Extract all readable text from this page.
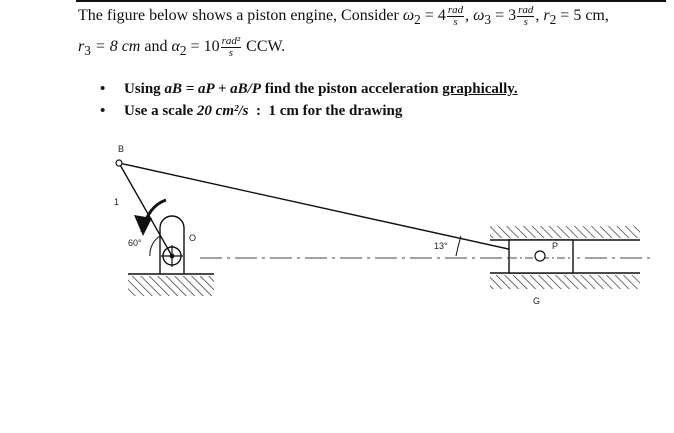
The figure below shows a piston engine, Consider $\omega_2 = 4 \frac{\text{rad}}{s}$ , $\omega_3 = 3 \frac{\text{rad}}{s}$ , $r_2 = 5$ cm,
$r_3 = 8$ cm and $\alpha_2 = 10 \frac{\text{rad²}}{s}$ CCW.
•	Using
aB = aP + aB/P
find the piston acceleration
graphically.
•	Use a scale
20 cm²/s
:
1 cm for the drawing
B
1
60°	O
13°	P
G
